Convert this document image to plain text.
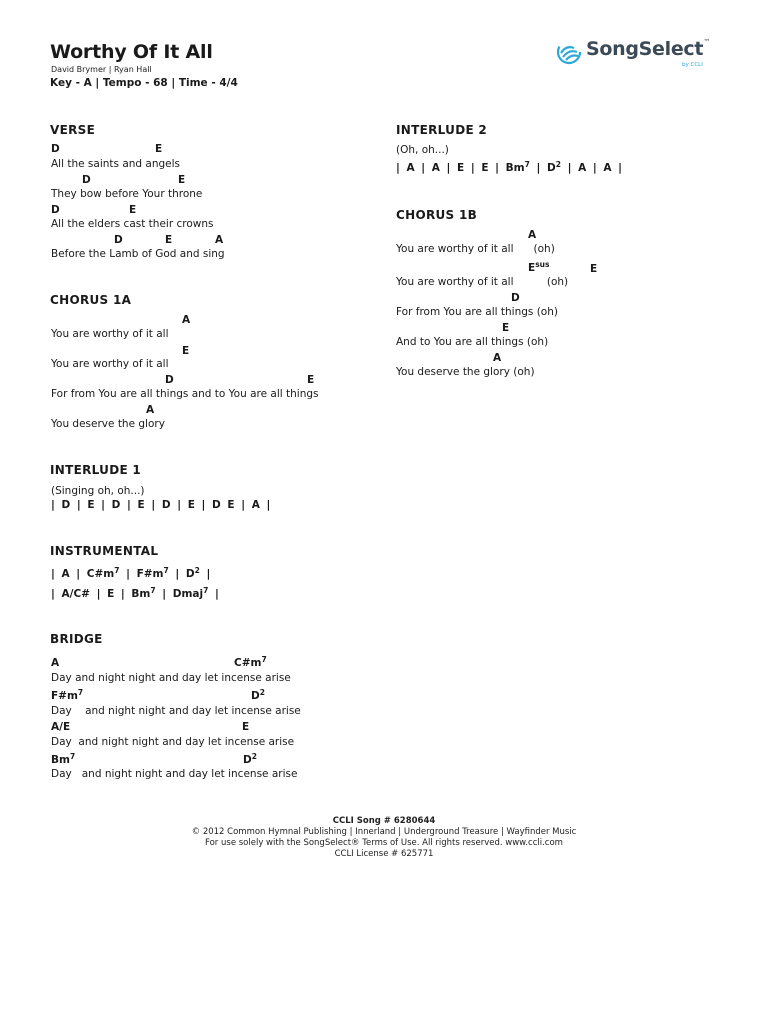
Worthy Of It All
David Brymer | Ryan Hall
Key - A | Tempo - 68 | Time - 4/4
SongSelect™
by CCLI
VERSE
D	E
All the saints and angels
D	E
They bow before Your throne
D	E
All the elders cast their crowns
D	E	A
Before the Lamb of God and sing
CHORUS 1A
A
You are worthy of it all
E
You are worthy of it all
D	E
For from You are all things and to You are all things
A
You deserve the glory
INTERLUDE 1
(Singing oh, oh...)
| D | E | D | E | D | E | D E | A |
INSTRUMENTAL
| A | $C\#m^7$ | $F\#m^7$ | $D^2$ |
| A/C# | E | Bm$^7$ | Dmaj$^7$ |
BRIDGE
A	$C\#m^7$
Day and night night and day let incense arise
$F\#m^7$	$D^2$
Day    and night night and day let incense arise
A/E	E
Day  and night night and day let incense arise
Bm$^7$	$D^2$
Day   and night night and day let incense arise
INTERLUDE 2
(Oh, oh...)
| A | A | E | E | Bm$^7$ | $D^2$ | A | A |
CHORUS 1B
A
You are worthy of it all      (oh)
$E^{sus}$	E
You are worthy of it all          (oh)
D
For from You are all things (oh)
E
And to You are all things (oh)
A
You deserve the glory (oh)
CCLI Song # 6280644
© 2012 Common Hymnal Publishing | Innerland | Underground Treasure | Wayfinder Music
For use solely with the SongSelect® Terms of Use. All rights reserved. www.ccli.com
CCLI License # 625771
